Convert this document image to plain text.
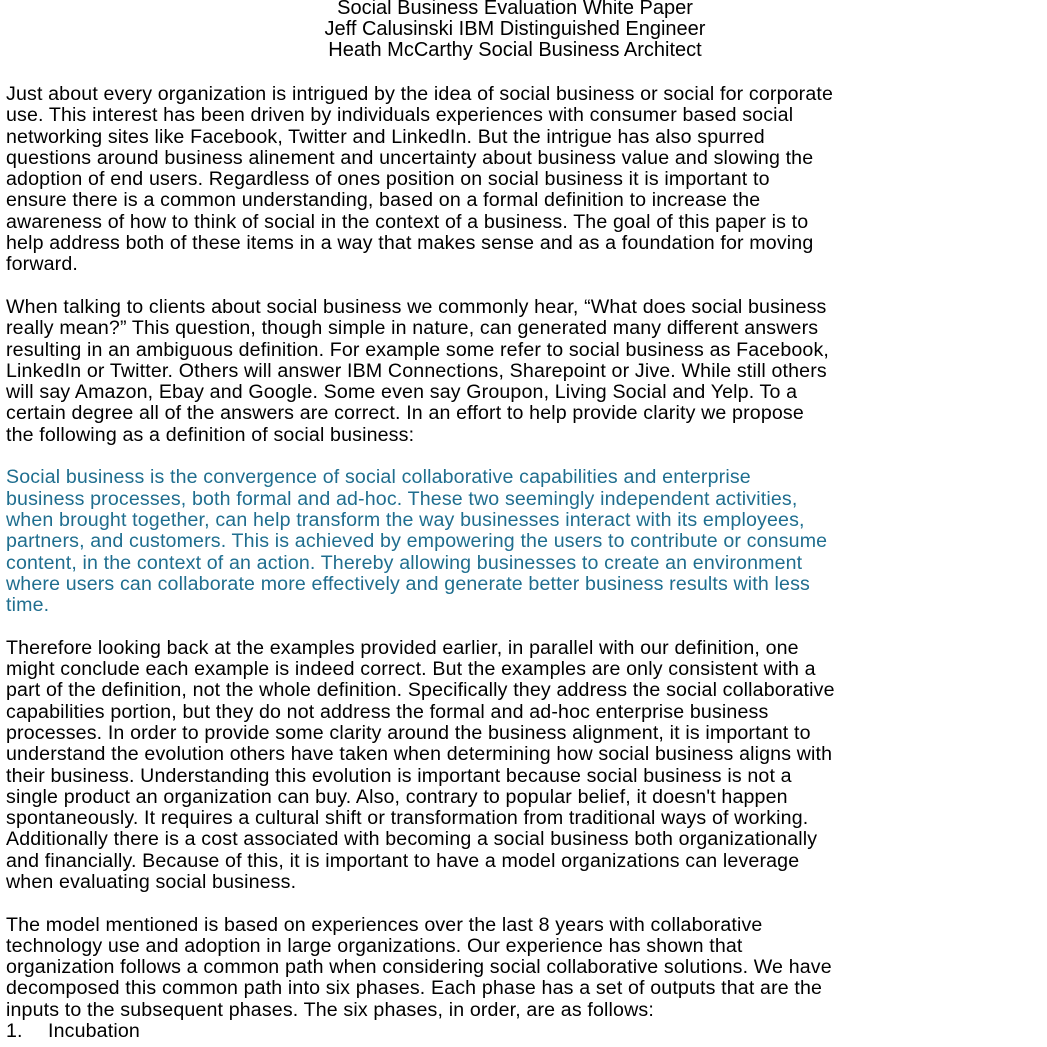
Social Business Evaluation White Paper
Jeff Calusinski IBM Distinguished Engineer
Heath McCarthy Social Business Architect
Just about every organization is intrigued by the idea of social business or social for corporate
use. This interest has been driven by individuals experiences with consumer based social
networking sites like Facebook, Twitter and LinkedIn. But the intrigue has also spurred
questions around business alinement and uncertainty about business value and slowing the
adoption of end users. Regardless of ones position on social business it is important to
ensure there is a common understanding, based on a formal definition to increase the
awareness of how to think of social in the context of a business. The goal of this paper is to
help address both of these items in a way that makes sense and as a foundation for moving
forward.
When talking to clients about social business we commonly hear, “What does social business
really mean?” This question, though simple in nature, can generated many different answers
resulting in an ambiguous definition. For example some refer to social business as Facebook,
LinkedIn or Twitter. Others will answer IBM Connections, Sharepoint or Jive. While still others
will say Amazon, Ebay and Google. Some even say Groupon, Living Social and Yelp. To a
certain degree all of the answers are correct. In an effort to help provide clarity we propose
the following as a definition of social business:
Social business is the convergence of social collaborative capabilities and enterprise
business processes, both formal and ad-hoc. These two seemingly independent activities,
when brought together, can help transform the way businesses interact with its employees,
partners, and customers. This is achieved by empowering the users to contribute or consume
content, in the context of an action. Thereby allowing businesses to create an environment
where users can collaborate more effectively and generate better business results with less
time.
Therefore looking back at the examples provided earlier, in parallel with our definition, one
might conclude each example is indeed correct. But the examples are only consistent with a
part of the definition, not the whole definition. Specifically they address the social collaborative
capabilities portion, but they do not address the formal and ad-hoc enterprise business
processes. In order to provide some clarity around the business alignment, it is important to
understand the evolution others have taken when determining how social business aligns with
their business. Understanding this evolution is important because social business is not a
single product an organization can buy. Also, contrary to popular belief, it doesn't happen
spontaneously. It requires a cultural shift or transformation from traditional ways of working.
Additionally there is a cost associated with becoming a social business both organizationally
and financially. Because of this, it is important to have a model organizations can leverage
when evaluating social business.
The model mentioned is based on experiences over the last 8 years with collaborative
technology use and adoption in large organizations. Our experience has shown that
organization follows a common path when considering social collaborative solutions. We have
decomposed this common path into six phases. Each phase has a set of outputs that are the
inputs to the subsequent phases. The six phases, in order, are as follows:
1. Incubation
